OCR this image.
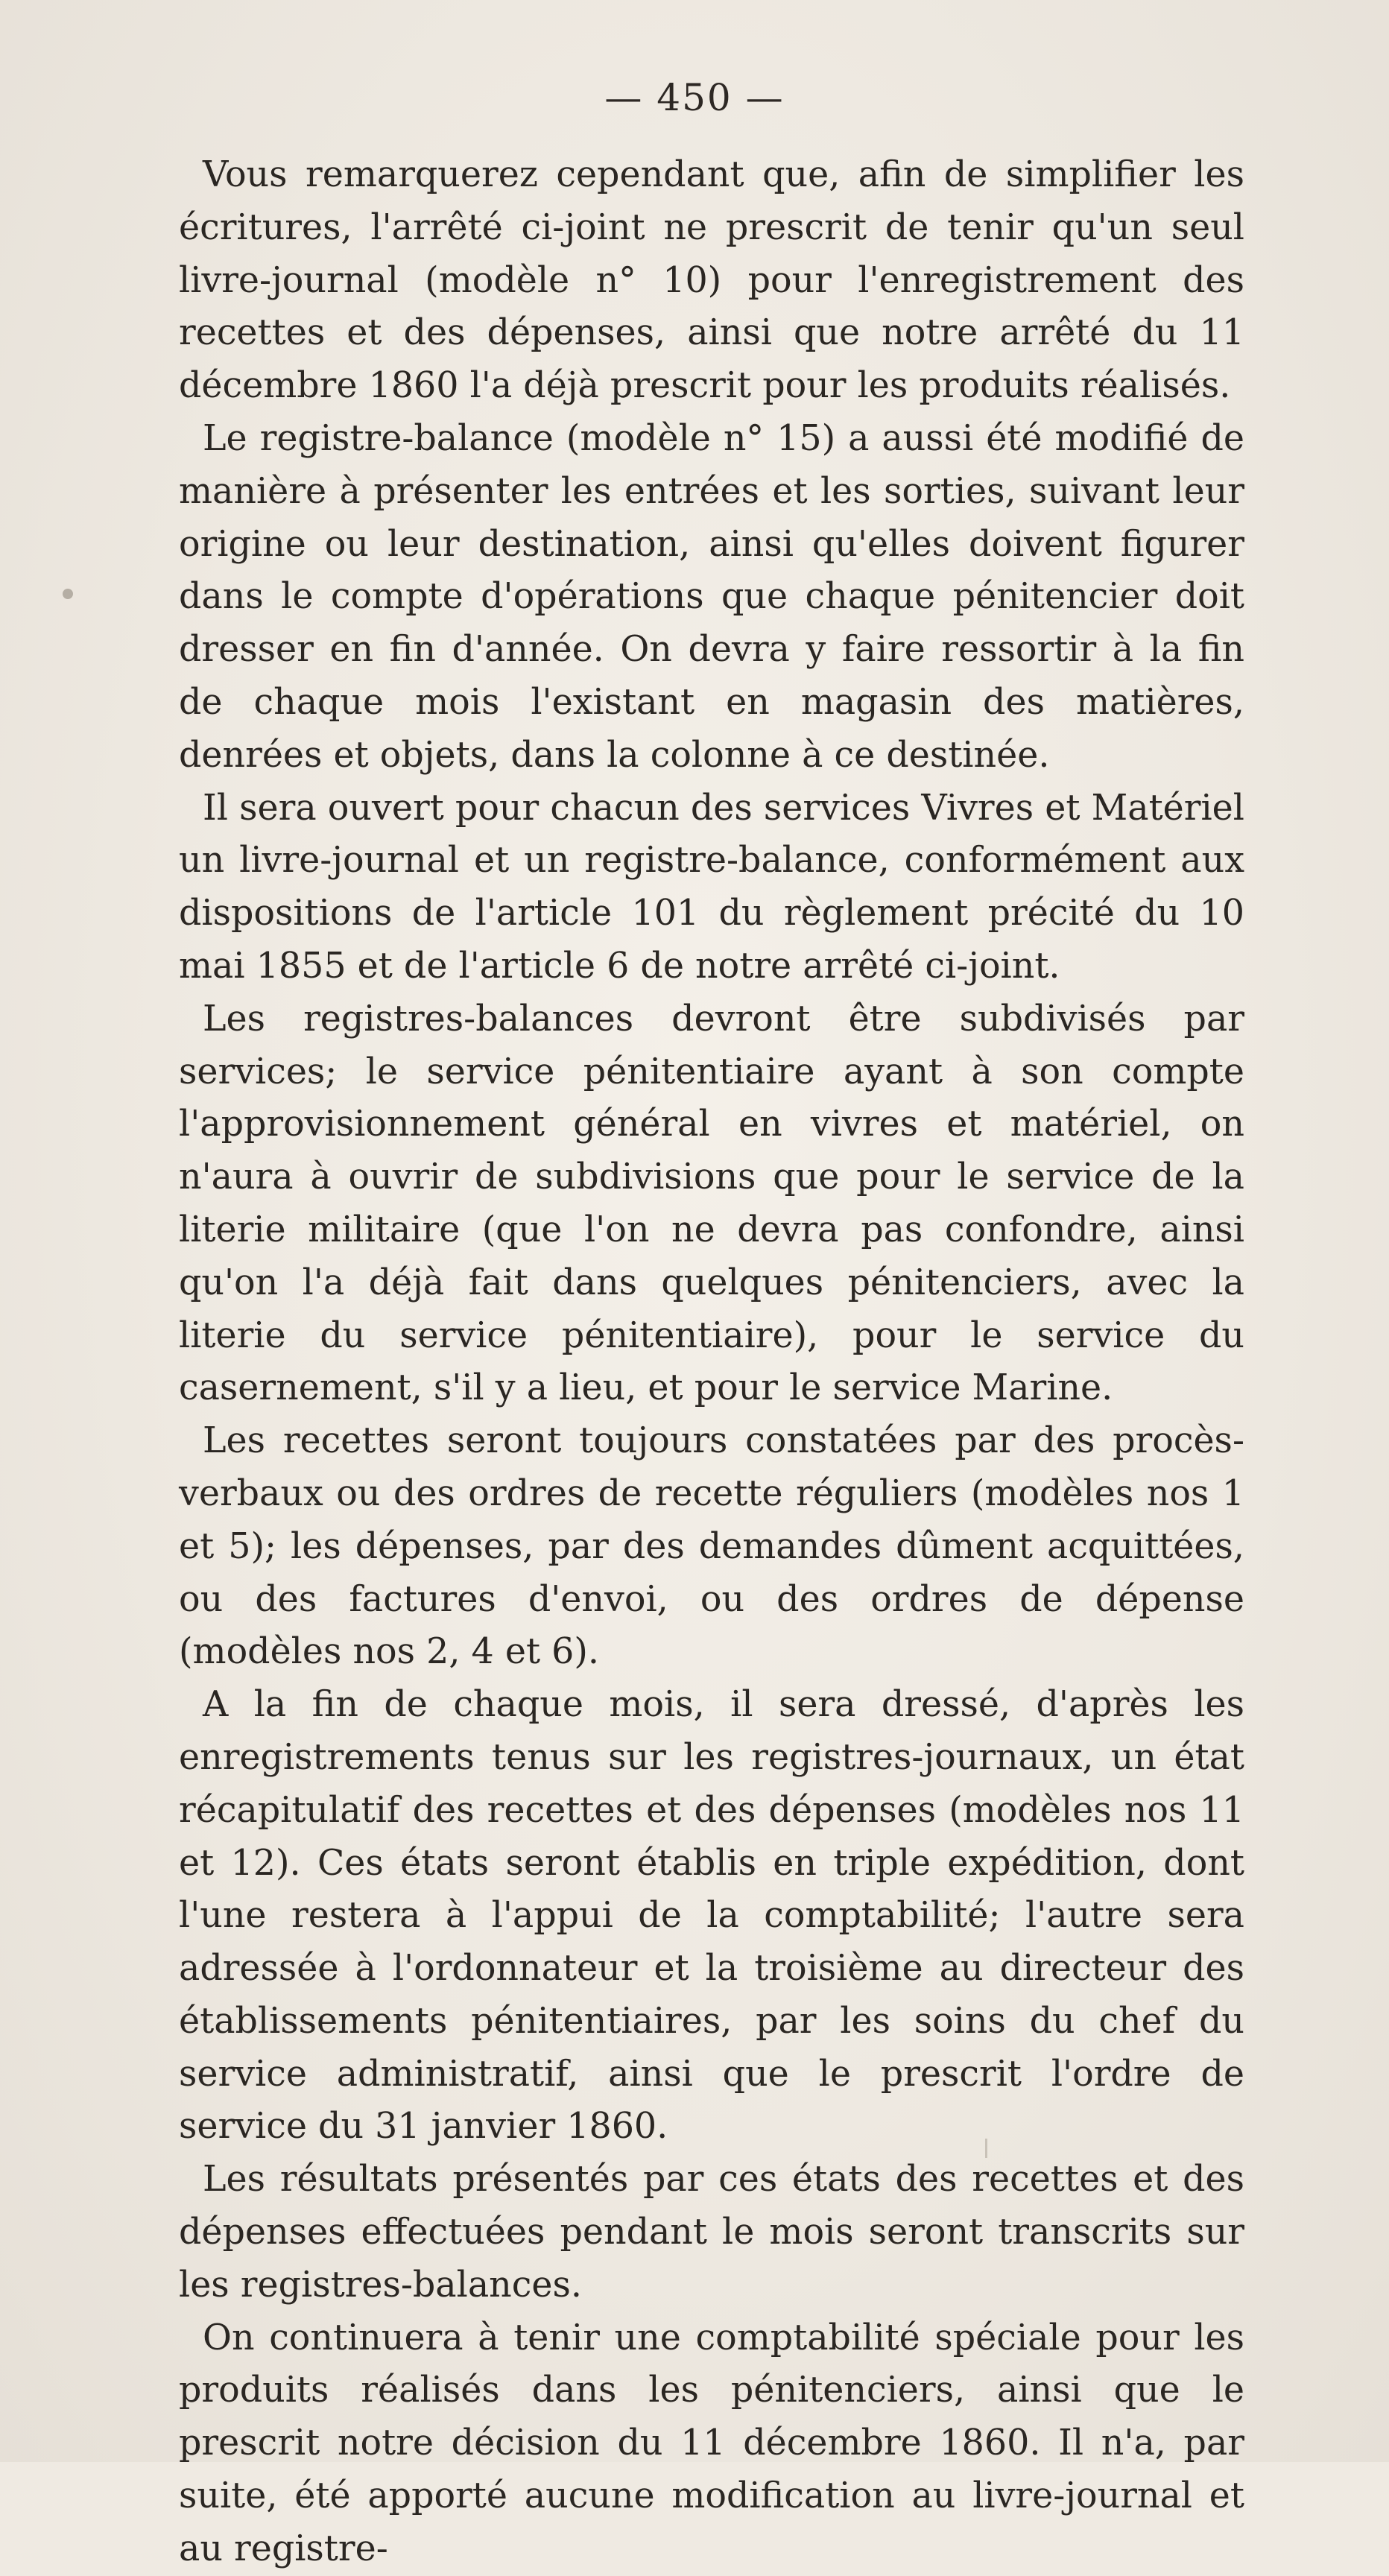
— 450 —

Vous remarquerez cependant que, afin de simplifier les écritures, l'arrêté ci-joint ne prescrit de tenir qu'un seul livre-journal (modèle n° 10) pour l'enregistrement des recettes et des dépenses, ainsi que notre arrêté du 11 décembre 1860 l'a déjà prescrit pour les produits réalisés.

Le registre-balance (modèle n° 15) a aussi été modifié de manière à présenter les entrées et les sorties, suivant leur origine ou leur destination, ainsi qu'elles doivent figurer dans le compte d'opérations que chaque pénitencier doit dresser en fin d'année. On devra y faire ressortir à la fin de chaque mois l'existant en magasin des matières, denrées et objets, dans la colonne à ce destinée.

Il sera ouvert pour chacun des services Vivres et Matériel un livre-journal et un registre-balance, conformément aux dispositions de l'article 101 du règlement précité du 10 mai 1855 et de l'article 6 de notre arrêté ci-joint.

Les registres-balances devront être subdivisés par services; le service pénitentiaire ayant à son compte l'approvisionnement général en vivres et matériel, on n'aura à ouvrir de subdivisions que pour le service de la literie militaire (que l'on ne devra pas confondre, ainsi qu'on l'a déjà fait dans quelques pénitenciers, avec la literie du service pénitentiaire), pour le service du casernement, s'il y a lieu, et pour le service Marine.

Les recettes seront toujours constatées par des procès-verbaux ou des ordres de recette réguliers (modèles nos 1 et 5); les dépenses, par des demandes dûment acquittées, ou des factures d'envoi, ou des ordres de dépense (modèles nos 2, 4 et 6).

A la fin de chaque mois, il sera dressé, d'après les enregistrements tenus sur les registres-journaux, un état récapitulatif des recettes et des dépenses (modèles nos 11 et 12). Ces états seront établis en triple expédition, dont l'une restera à l'appui de la comptabilité; l'autre sera adressée à l'ordonnateur et la troisième au directeur des établissements pénitentiaires, par les soins du chef du service administratif, ainsi que le prescrit l'ordre de service du 31 janvier 1860.

Les résultats présentés par ces états des recettes et des dépenses effectuées pendant le mois seront transcrits sur les registres-balances.

On continuera à tenir une comptabilité spéciale pour les produits réalisés dans les pénitenciers, ainsi que le prescrit notre décision du 11 décembre 1860. Il n'a, par suite, été apporté aucune modification au livre-journal et au registre-
